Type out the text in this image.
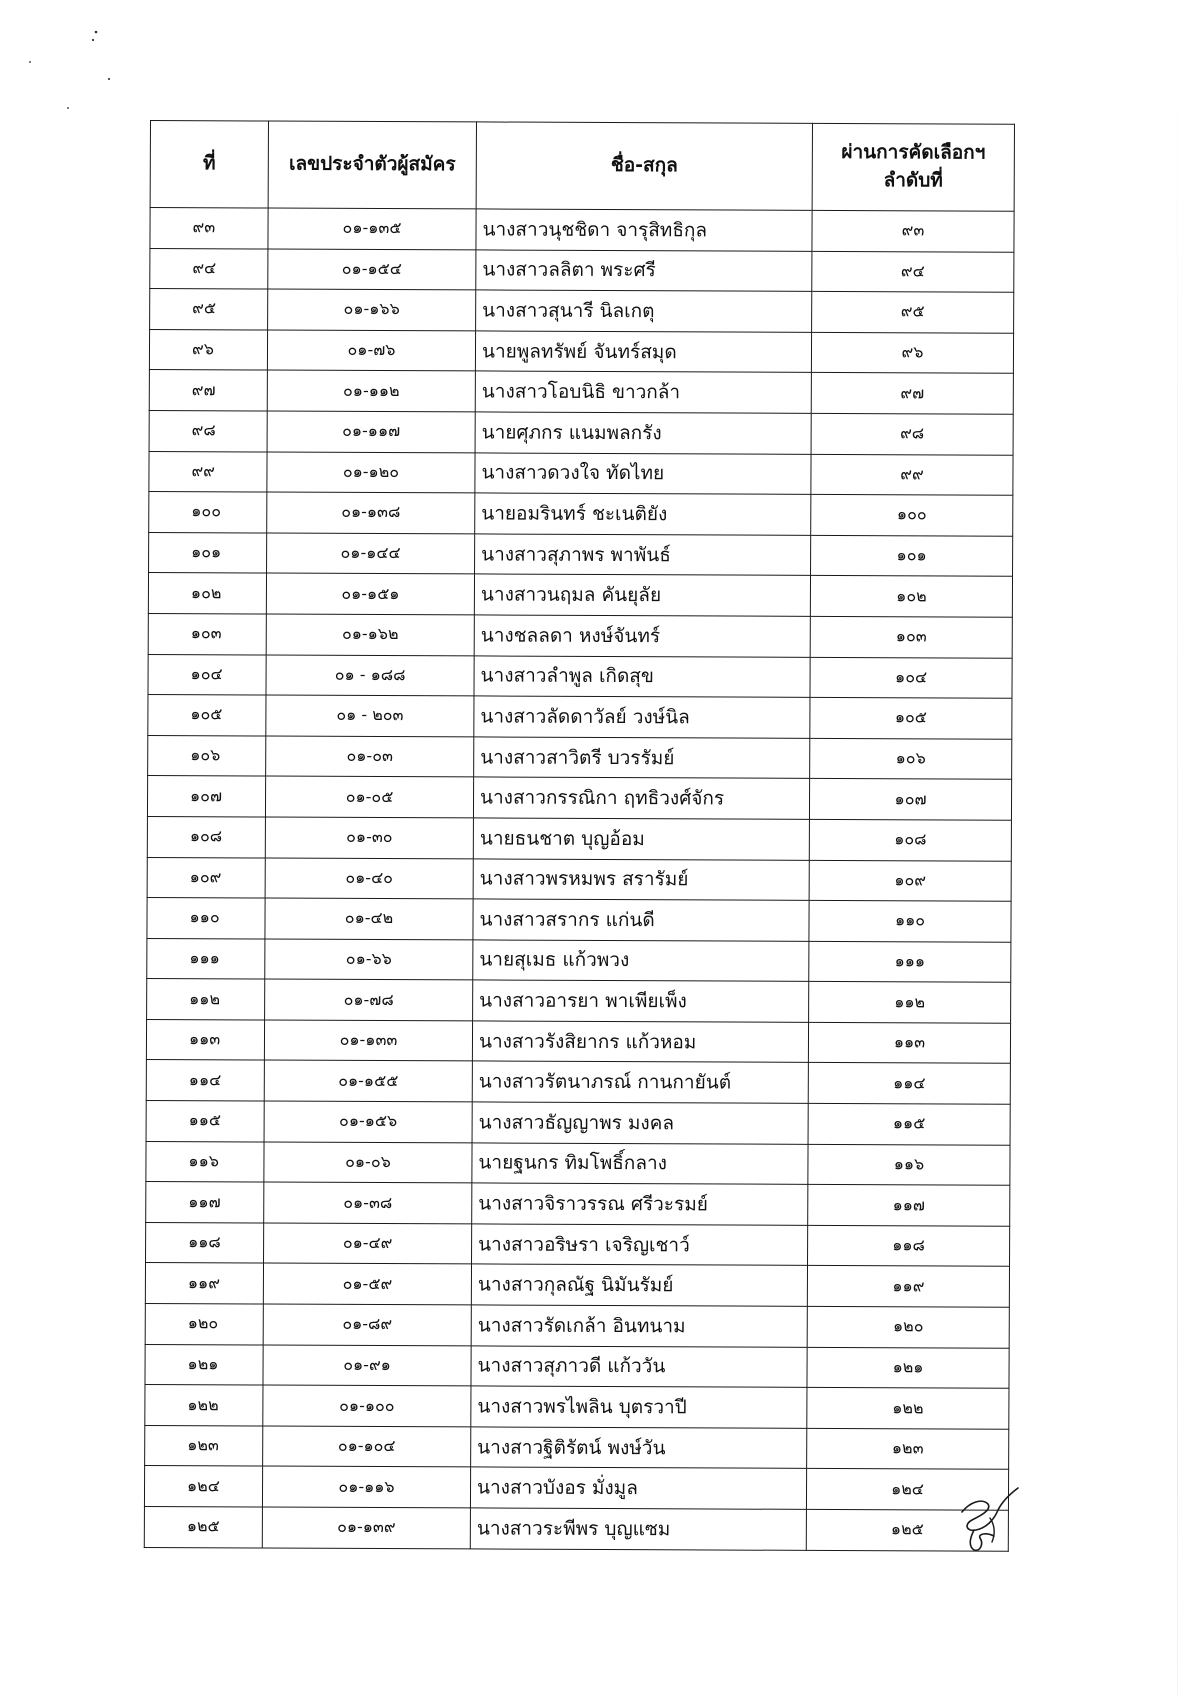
ที่	เลขประจำตัวผู้สมัคร	ชื่อ-สกุล	ผ่านการคัดเลือกฯ
ลำดับที่
๙๓	๐๑-๑๓๕	นางสาวนุชชิดา จารุสิทธิกุล	๙๓
๙๔	๐๑-๑๕๔	นางสาวลลิตา พระศรี	๙๔
๙๕	๐๑-๑๖๖	นางสาวสุนารี นิลเกตุ	๙๕
๙๖	๐๑-๗๖	นายพูลทรัพย์ จันทร์สมุด	๙๖
๙๗	๐๑-๑๑๒	นางสาวโอบนิธิ ขาวกล้า	๙๗
๙๘	๐๑-๑๑๗	นายศุภกร แนมพลกรัง	๙๘
๙๙	๐๑-๑๒๐	นางสาวดวงใจ ทัดไทย	๙๙
๑๐๐	๐๑-๑๓๘	นายอมรินทร์ ชะเนติยัง	๑๐๐
๑๐๑	๐๑-๑๔๔	นางสาวสุภาพร พาพันธ์	๑๐๑
๑๐๒	๐๑-๑๕๑	นางสาวนฤมล คันยุลัย	๑๐๒
๑๐๓	๐๑-๑๖๒	นางชลลดา หงษ์จันทร์	๑๐๓
๑๐๔	๐๑ - ๑๘๘	นางสาวลำพูล เกิดสุข	๑๐๔
๑๐๕	๐๑ - ๒๐๓	นางสาวลัดดาวัลย์ วงษ์นิล	๑๐๕
๑๐๖	๐๑-๐๓	นางสาวสาวิตรี บวรรัมย์	๑๐๖
๑๐๗	๐๑-๐๕	นางสาวกรรณิกา ฤทธิวงศ์จักร	๑๐๗
๑๐๘	๐๑-๓๐	นายธนชาต บุญอ้อม	๑๐๘
๑๐๙	๐๑-๔๐	นางสาวพรหมพร สรารัมย์	๑๐๙
๑๑๐	๐๑-๔๒	นางสาวสรากร แก่นดี	๑๑๐
๑๑๑	๐๑-๖๖	นายสุเมธ แก้วพวง	๑๑๑
๑๑๒	๐๑-๗๘	นางสาวอารยา พาเพียเพ็ง	๑๑๒
๑๑๓	๐๑-๑๓๓	นางสาวรังสิยากร แก้วหอม	๑๑๓
๑๑๔	๐๑-๑๕๕	นางสาวรัตนาภรณ์ กานกายันต์	๑๑๔
๑๑๕	๐๑-๑๕๖	นางสาวธัญญาพร มงคล	๑๑๕
๑๑๖	๐๑-๐๖	นายฐนกร ทิมโพธิ์กลาง	๑๑๖
๑๑๗	๐๑-๓๘	นางสาวจิราวรรณ ศรีวะรมย์	๑๑๗
๑๑๘	๐๑-๔๙	นางสาวอริษรา เจริญเชาว์	๑๑๘
๑๑๙	๐๑-๕๙	นางสาวกุลณัฐ นิมันรัมย์	๑๑๙
๑๒๐	๐๑-๘๙	นางสาวรัดเกล้า อินทนาม	๑๒๐
๑๒๑	๐๑-๙๑	นางสาวสุภาวดี แก้ววัน	๑๒๑
๑๒๒	๐๑-๑๐๐	นางสาวพรไพลิน บุตรวาปี	๑๒๒
๑๒๓	๐๑-๑๐๔	นางสาวฐิติรัตน์ พงษ์วัน	๑๒๓
๑๒๔	๐๑-๑๑๖	นางสาวบังอร มั่งมูล	๑๒๔
๑๒๕	๐๑-๑๓๙	นางสาวระพีพร บุญแซม	๑๒๕
